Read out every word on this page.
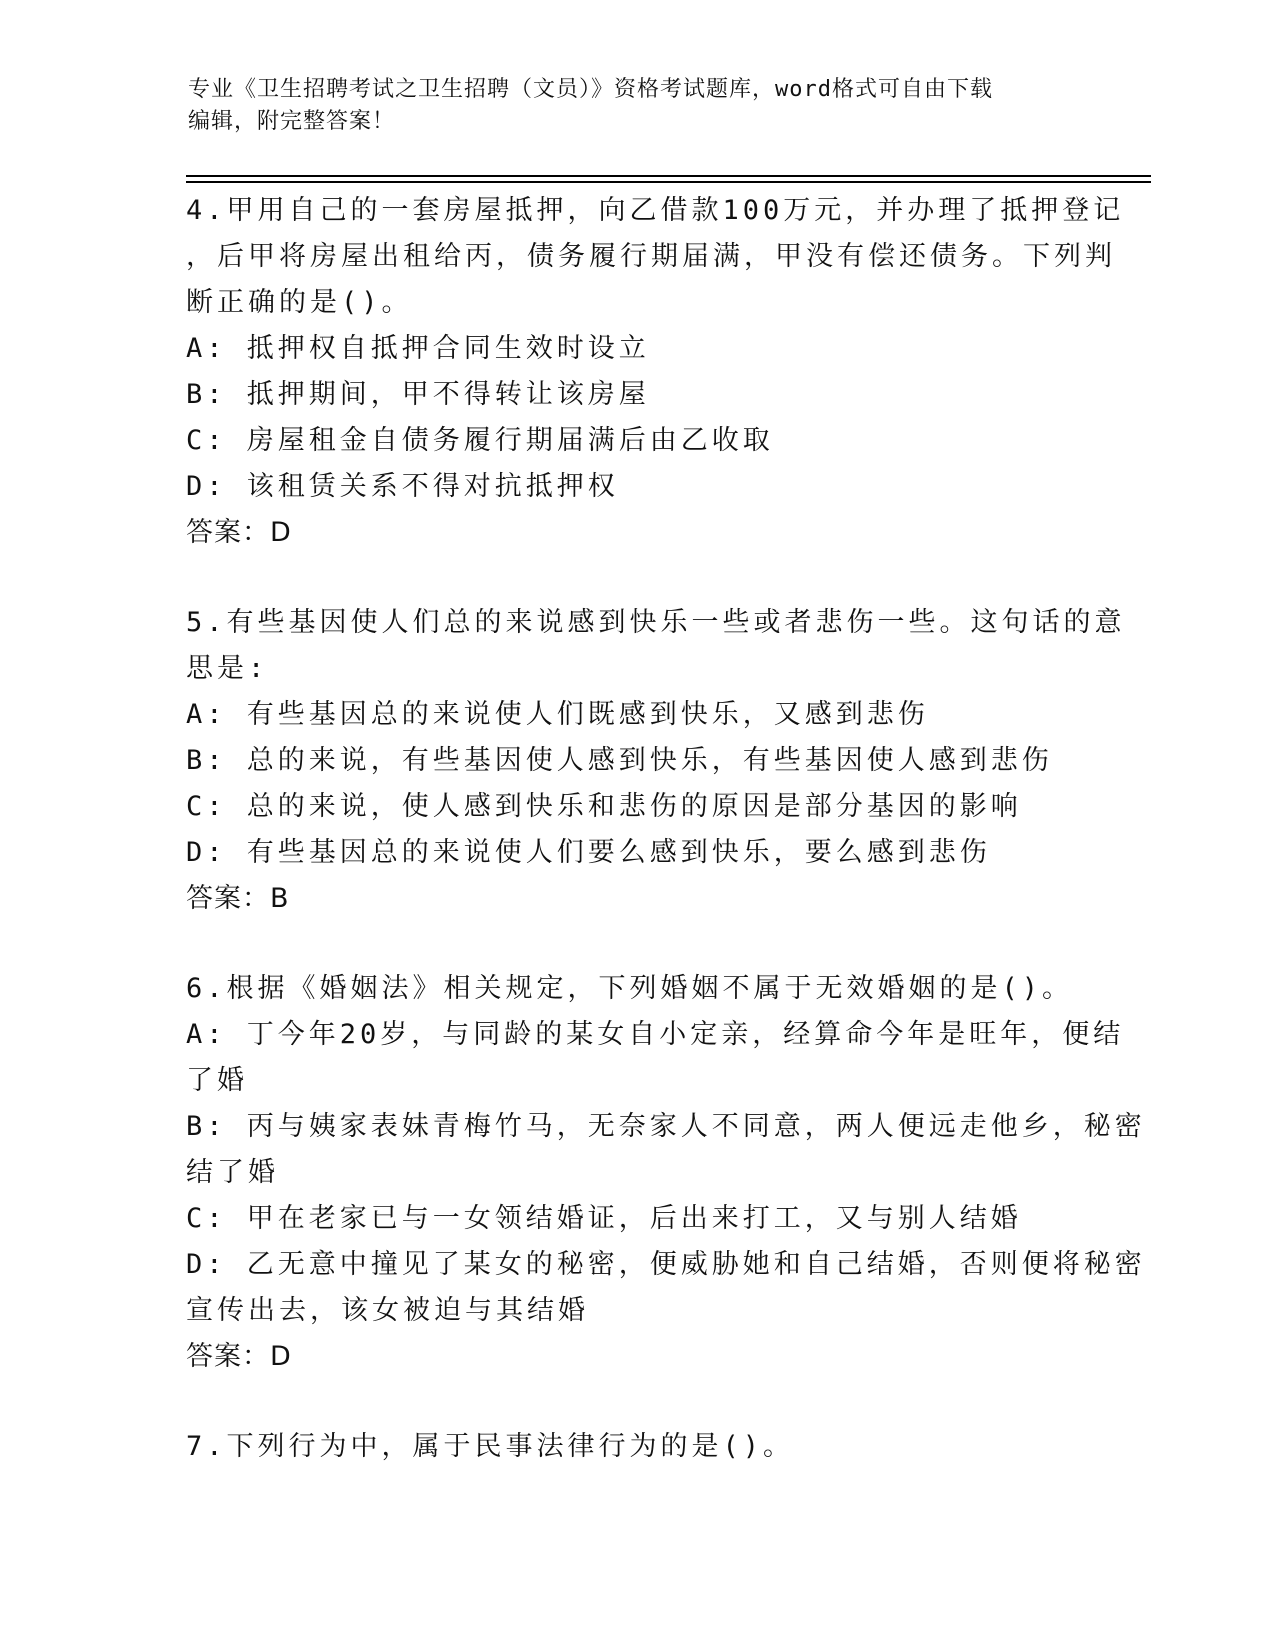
专业《卫生招聘考试之卫生招聘（文员）》资格考试题库，word格式可自由下载
编辑，附完整答案！
4.甲用自己的一套房屋抵押，向乙借款100万元，并办理了抵押登记
，后甲将房屋出租给丙，债务履行期届满，甲没有偿还债务。下列判
断正确的是()。
A: 抵押权自抵押合同生效时设立
B: 抵押期间，甲不得转让该房屋
C: 房屋租金自债务履行期届满后由乙收取
D: 该租赁关系不得对抗抵押权
答案：D
5.有些基因使人们总的来说感到快乐一些或者悲伤一些。这句话的意
思是:
A: 有些基因总的来说使人们既感到快乐，又感到悲伤
B: 总的来说，有些基因使人感到快乐，有些基因使人感到悲伤
C: 总的来说，使人感到快乐和悲伤的原因是部分基因的影响
D: 有些基因总的来说使人们要么感到快乐，要么感到悲伤
答案：B
6.根据《婚姻法》相关规定，下列婚姻不属于无效婚姻的是()。
A: 丁今年20岁，与同龄的某女自小定亲，经算命今年是旺年，便结
了婚
B: 丙与姨家表妹青梅竹马，无奈家人不同意，两人便远走他乡，秘密
结了婚
C: 甲在老家已与一女领结婚证，后出来打工，又与别人结婚
D: 乙无意中撞见了某女的秘密，便威胁她和自己结婚，否则便将秘密
宣传出去，该女被迫与其结婚
答案：D
7.下列行为中，属于民事法律行为的是()。
